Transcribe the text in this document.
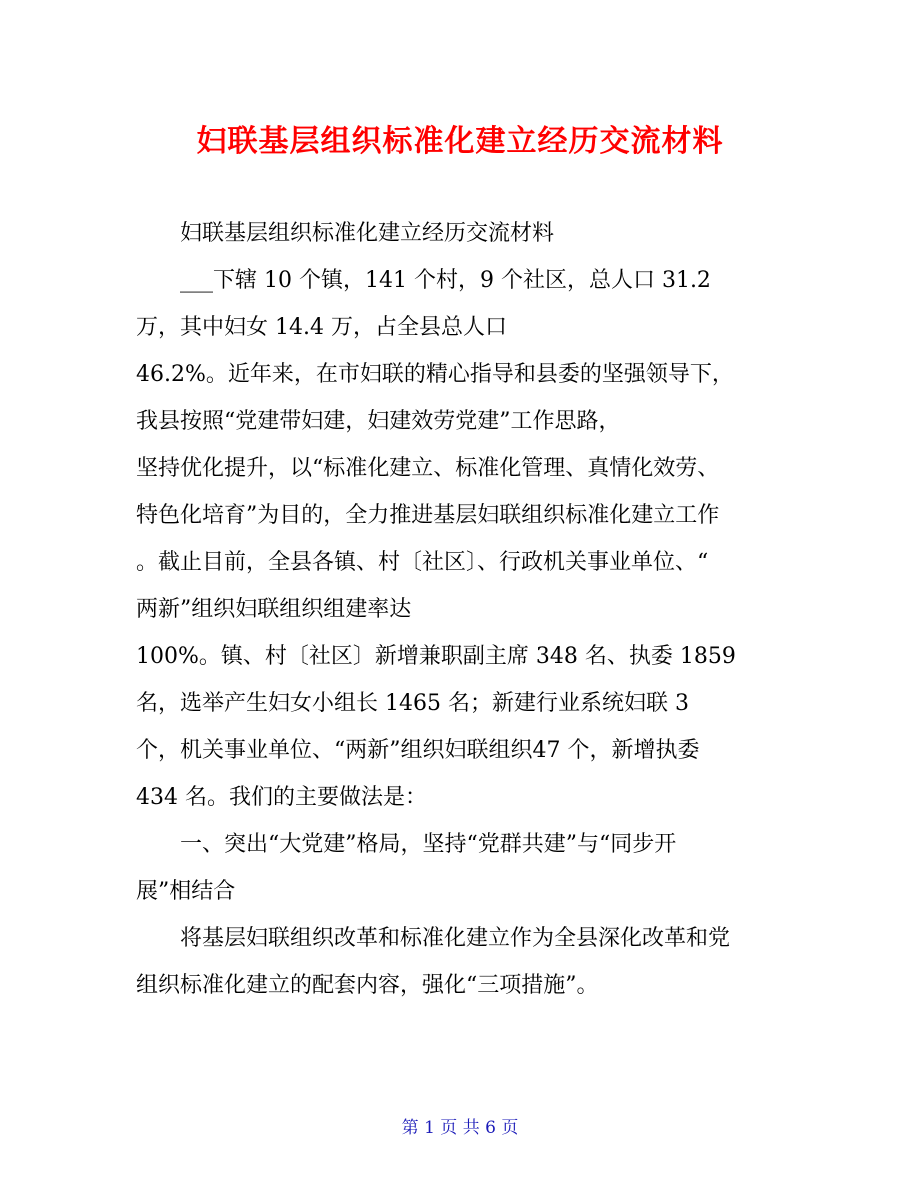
妇联基层组织标准化建立经历交流材料
妇联基层组织标准化建立经历交流材料
___下辖 10 个镇，141 个村，9 个社区，总人口 31.2
万，其中妇女 14.4 万，占全县总人口
46.2%。近年来，在市妇联的精心指导和县委的坚强领导下，
我县按照“党建带妇建，妇建效劳党建”工作思路，
坚持优化提升，以“标准化建立、标准化管理、真情化效劳、
特色化培育”为目的，全力推进基层妇联组织标准化建立工作
。截止目前，全县各镇、村〔社区〕、行政机关事业单位、“
两新”组织妇联组织组建率达
100%。镇、村〔社区〕新增兼职副主席 348 名、执委 1859
名，选举产生妇女小组长 1465 名；新建行业系统妇联 3
个，机关事业单位、“两新”组织妇联组织47 个，新增执委
434 名。我们的主要做法是：
一、突出“大党建”格局，坚持“党群共建”与“同步开
展”相结合
将基层妇联组织改革和标准化建立作为全县深化改革和党
组织标准化建立的配套内容，强化“三项措施”。
第 1 页 共 6 页
